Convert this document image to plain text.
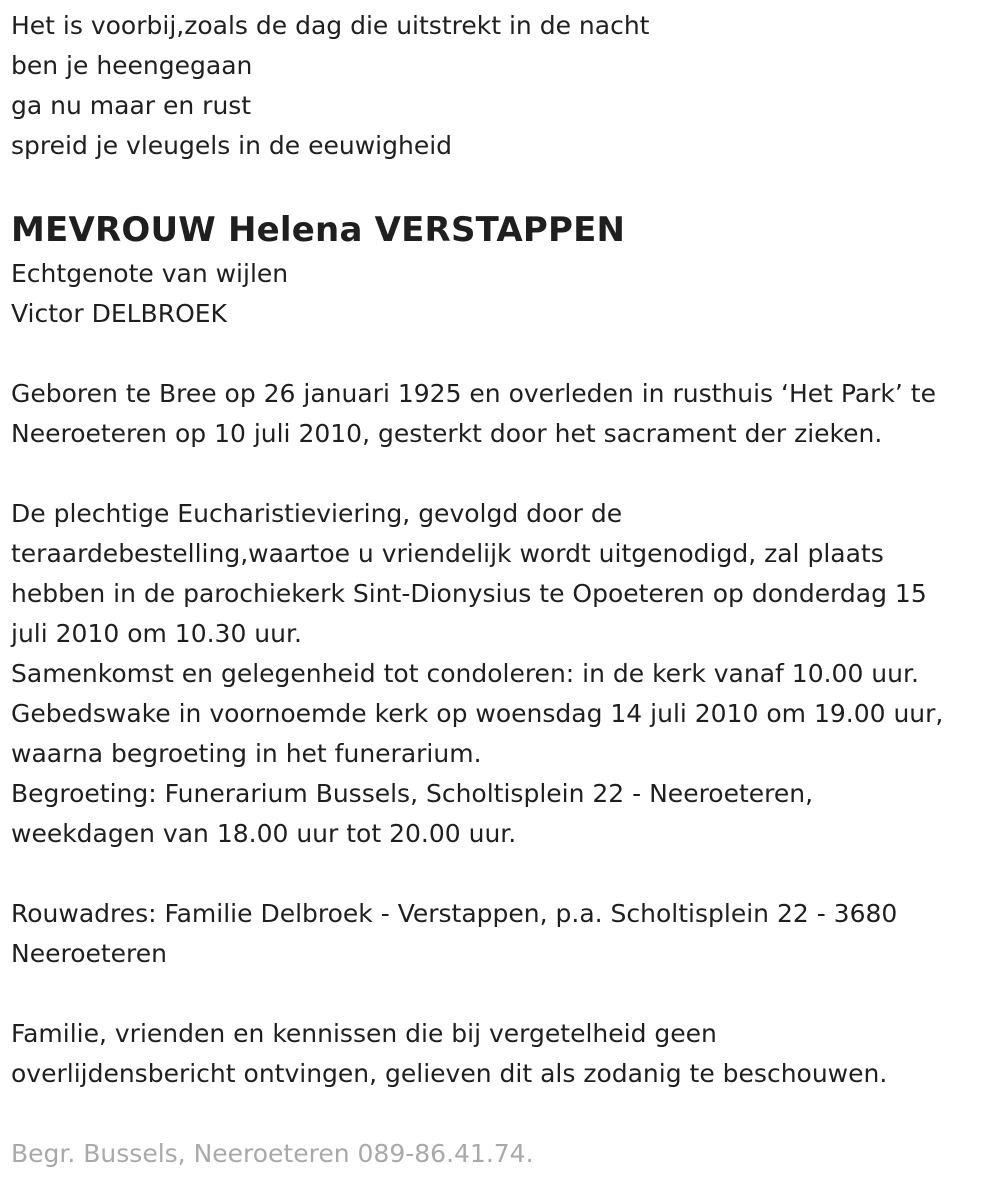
Het is voorbij,zoals de dag die uitstrekt in de nacht
ben je heengegaan
ga nu maar en rust
spreid je vleugels in de eeuwigheid
MEVROUW Helena VERSTAPPEN
Echtgenote van wijlen
Victor DELBROEK
Geboren te Bree op 26 januari 1925 en overleden in rusthuis ‘Het Park’ te
Neeroeteren op 10 juli 2010, gesterkt door het sacrament der zieken.
De plechtige Eucharistieviering, gevolgd door de
teraardebestelling,waartoe u vriendelijk wordt uitgenodigd, zal plaats
hebben in de parochiekerk Sint-Dionysius te Opoeteren op donderdag 15
juli 2010 om 10.30 uur.
Samenkomst en gelegenheid tot condoleren: in de kerk vanaf 10.00 uur.
Gebedswake in voornoemde kerk op woensdag 14 juli 2010 om 19.00 uur,
waarna begroeting in het funerarium.
Begroeting: Funerarium Bussels, Scholtisplein 22 - Neeroeteren,
weekdagen van 18.00 uur tot 20.00 uur.
Rouwadres: Familie Delbroek - Verstappen, p.a. Scholtisplein 22 - 3680
Neeroeteren
Familie, vrienden en kennissen die bij vergetelheid geen
overlijdensbericht ontvingen, gelieven dit als zodanig te beschouwen.
Begr. Bussels, Neeroeteren 089-86.41.74.
